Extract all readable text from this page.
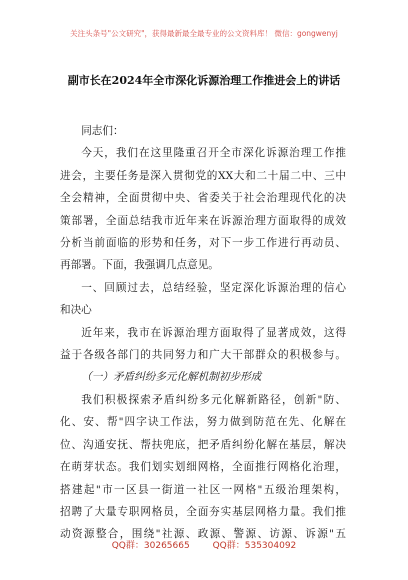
关注头条号"公文研究"，获得最新最全最专业的公文资料库！ 微信：gongwenyj
副市长在2024年全市深化诉源治理工作推进会上的讲话

同志们：

今天，我们在这里隆重召开全市深化诉源治理工作推

进会，主要任务是深入贯彻党的XX大和二十届二中、三中

全会精神，全面贯彻中央、省委关于社会治理现代化的决

策部署，全面总结我市近年来在诉源治理方面取得的成效

分析当前面临的形势和任务，对下一步工作进行再动员、

再部署。下面，我强调几点意见。

一、回顾过去，总结经验，坚定深化诉源治理的信心

和决心

近年来，我市在诉源治理方面取得了显著成效，这得

益于各级各部门的共同努力和广大干部群众的积极参与。

（一）矛盾纠纷多元化解机制初步形成

我们积极探索矛盾纠纷多元化解新路径，创新"防、

化、安、帮"四字诀工作法，努力做到防范在先、化解在

位、沟通安抚、帮扶兜底，把矛盾纠纷化解在基层，解决

在萌芽状态。我们划实划细网格，全面推行网格化治理，

搭建起"市一区县一街道一社区一网格"五级治理架构，

招聘了大量专职网格员，全面夯实基层网格力量。我们推

动资源整合，围绕"社源、政源、警源、访源、诉源"五

QQ群：30265665	QQ群：535304092
